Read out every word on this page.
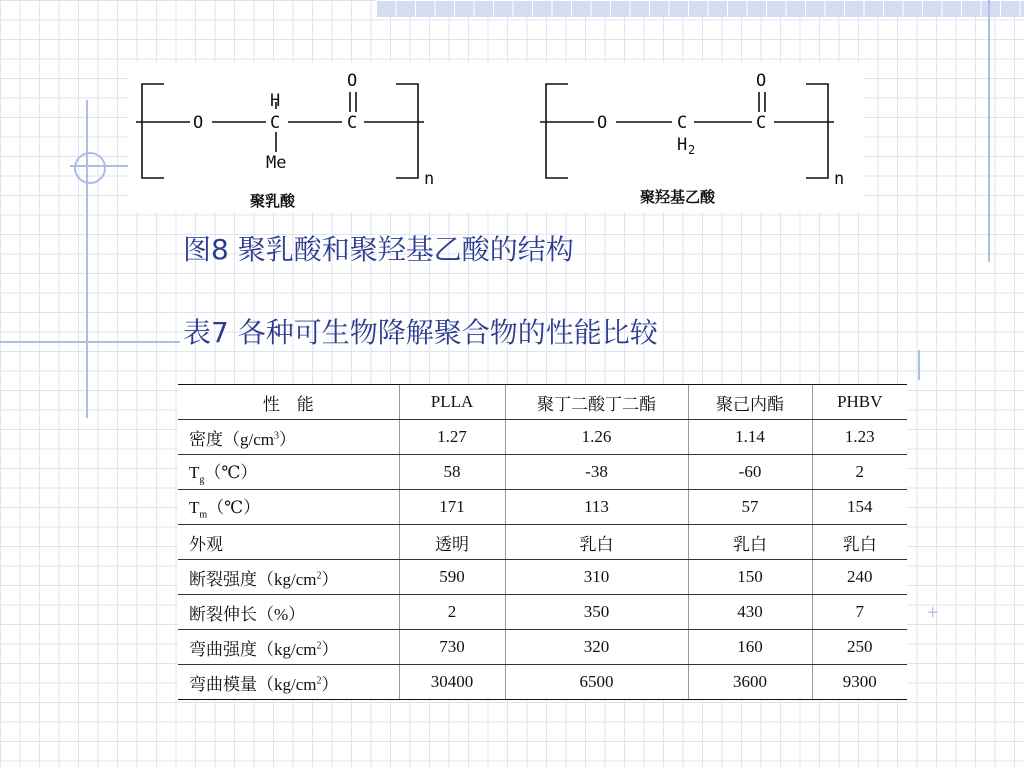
+
O
H
C
Me
C
O
n
O	C
H 2
C
O
n
聚乳酸	聚羟基乙酸
图8 聚乳酸和聚羟基乙酸的结构
表7 各种可生物降解聚合物的性能比较
性　能	PLLA	聚丁二酸丁二酯	聚己内酯	PHBV
密度$(g/cm^3)$	1.27	1.26	1.14	1.23
$T_g(℃)$	58	-38	-60	2
$T_m(℃)$	171	113	57	154
外观	透明	乳白	乳白	乳白
断裂强度$(kg/cm^2)$	590	310	150	240
断裂伸长（%）	2	350	430	7
弯曲强度$(kg/cm^2)$	730	320	160	250
弯曲模量$(kg/cm^2)$	30400	6500	3600	9300
